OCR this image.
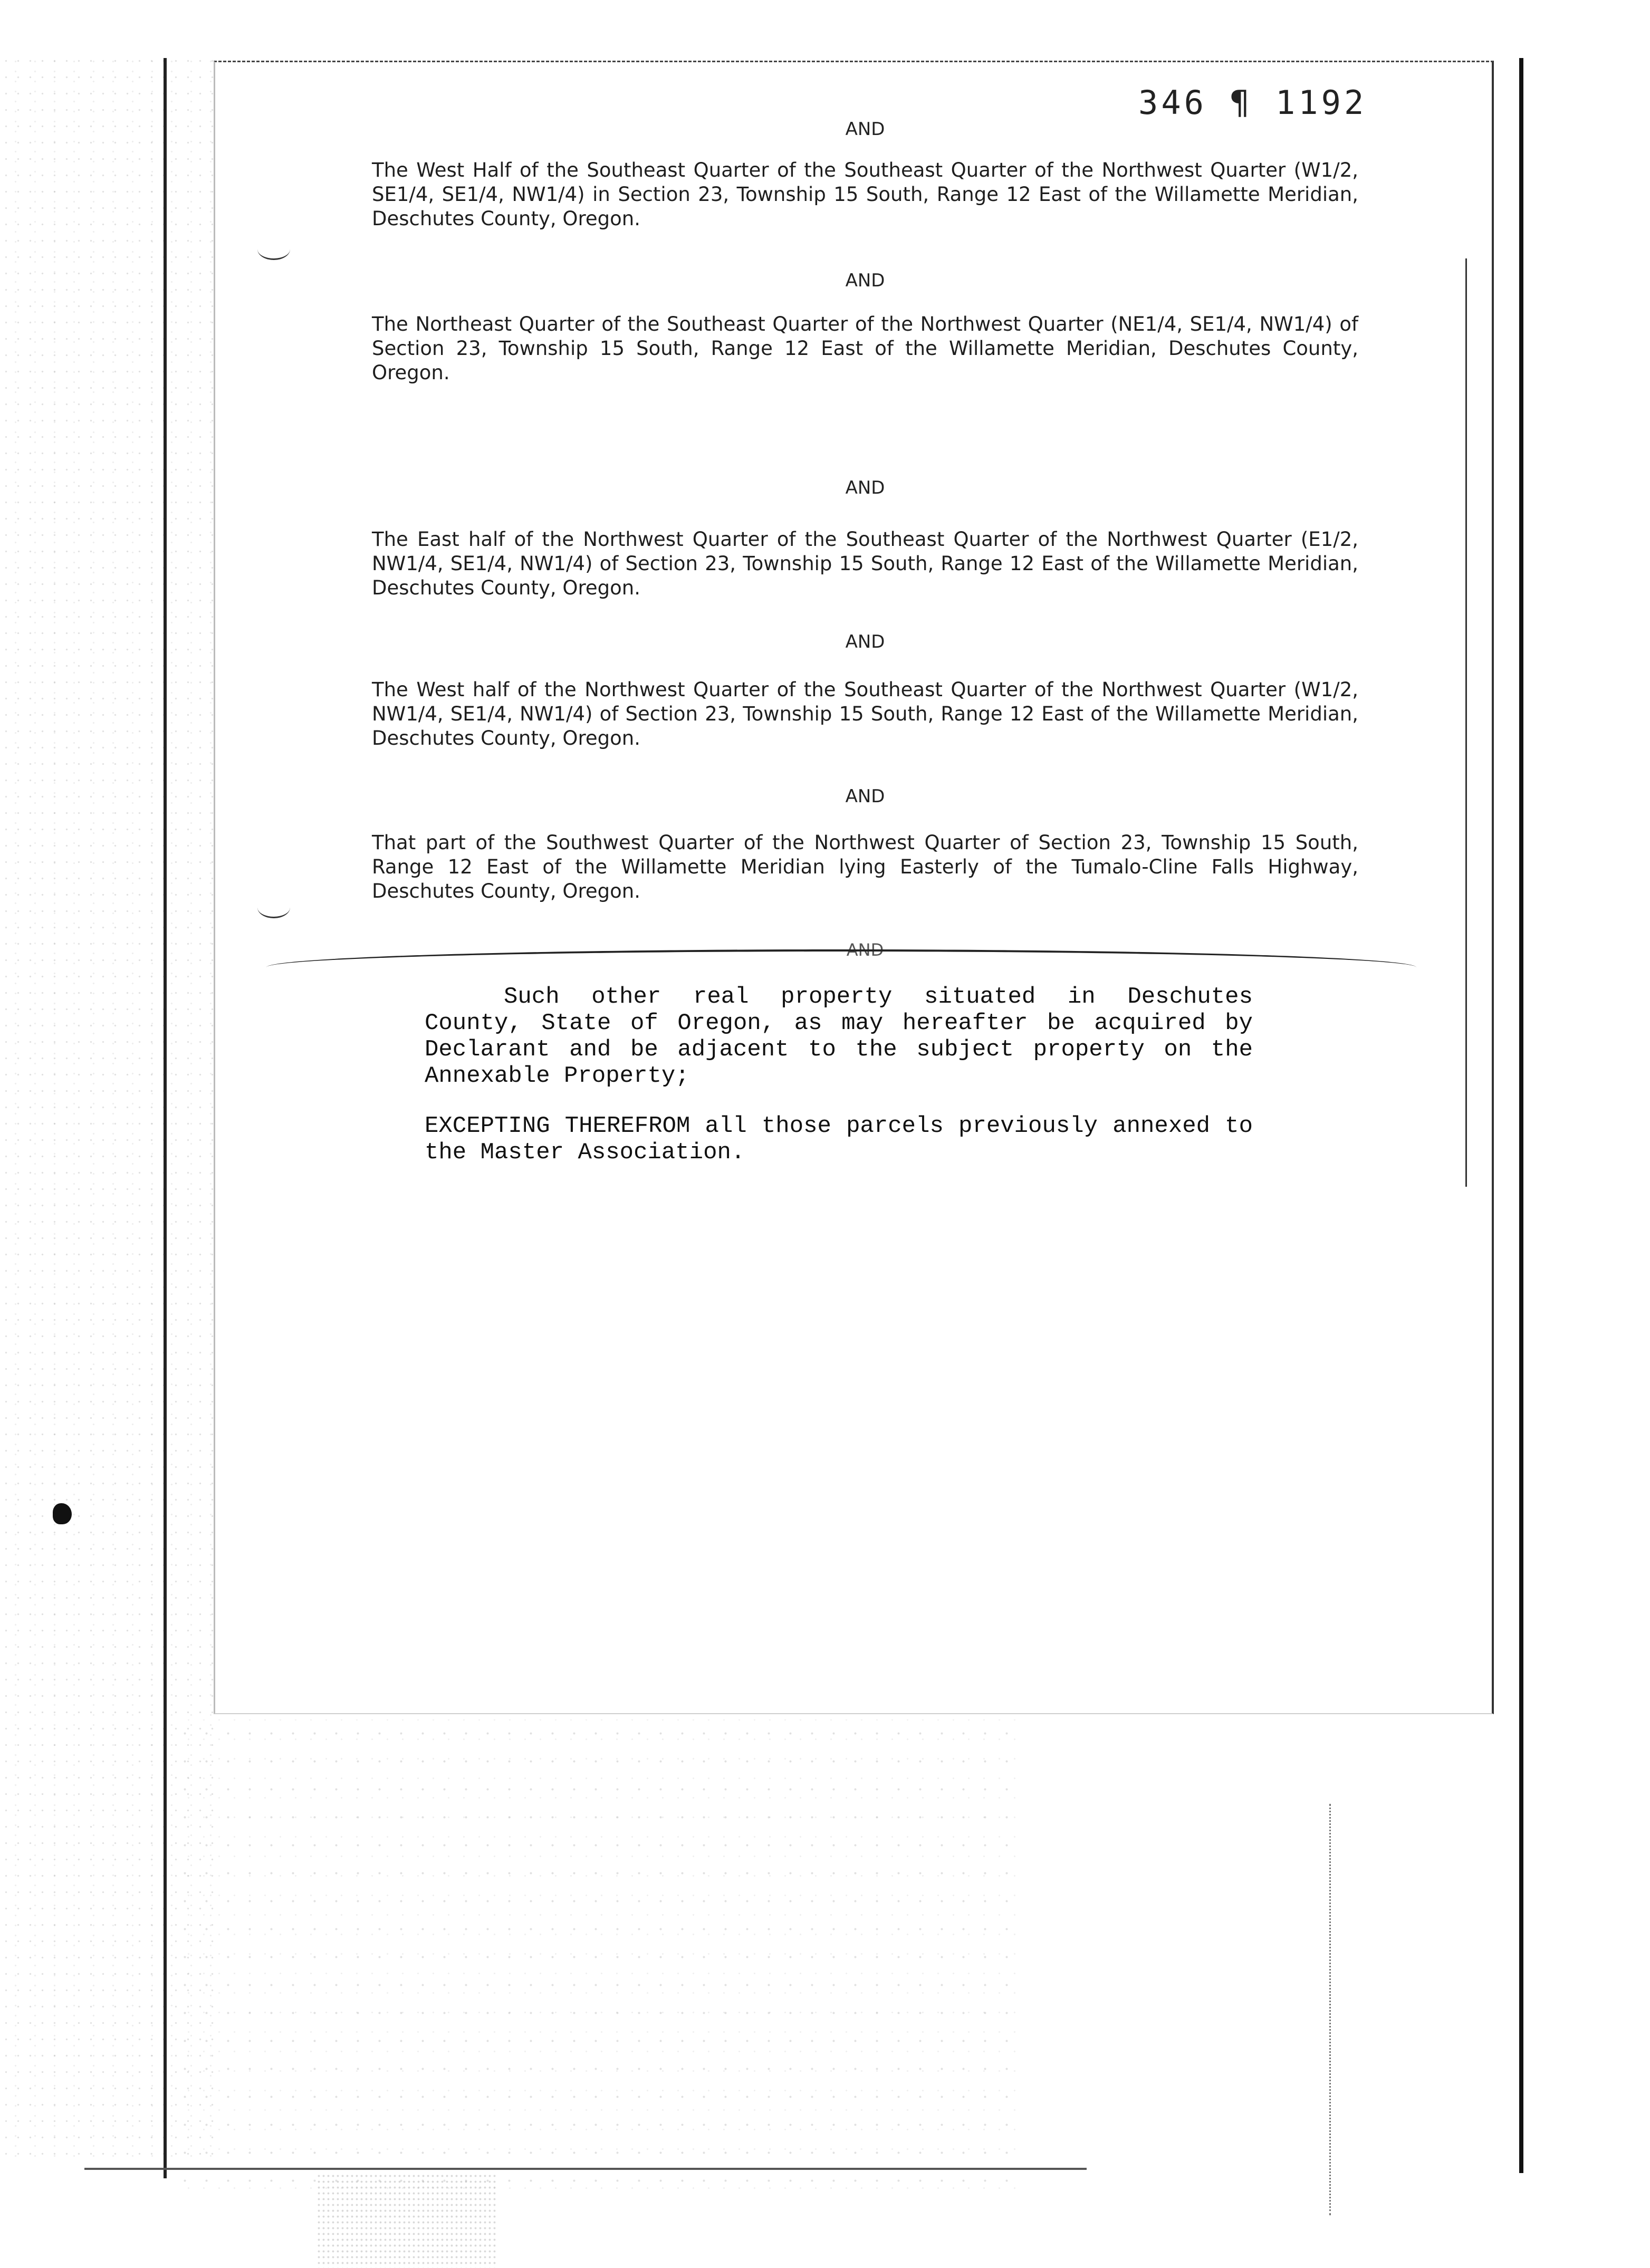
346 ¶ 1192
AND

The West Half of the Southeast Quarter of the Southeast Quarter of the Northwest Quarter (W1/2, SE1/4, SE1/4, NW1/4) in Section 23, Township 15 South, Range 12 East of the Willamette Meridian, Deschutes County, Oregon.

AND

The Northeast Quarter of the Southeast Quarter of the Northwest Quarter (NE1/4, SE1/4, NW1/4) of Section 23, Township 15 South, Range 12 East of the Willamette Meridian, Deschutes County, Oregon.

AND

The East half of the Northwest Quarter of the Southeast Quarter of the Northwest Quarter (E1/2, NW1/4, SE1/4, NW1/4) of Section 23, Township 15 South, Range 12 East of the Willamette Meridian, Deschutes County, Oregon.

AND

The West half of the Northwest Quarter of the Southeast Quarter of the Northwest Quarter (W1/2, NW1/4, SE1/4, NW1/4) of Section 23, Township 15 South, Range 12 East of the Willamette Meridian, Deschutes County, Oregon.

AND

That part of the Southwest Quarter of the Northwest Quarter of Section 23, Township 15 South, Range 12 East of the Willamette Meridian lying Easterly of the Tumalo-Cline Falls Highway, Deschutes County, Oregon.

AND

Such other real property situated in Deschutes County, State of Oregon, as may hereafter be acquired by Declarant and be adjacent to the subject property on the Annexable Property;

EXCEPTING THEREFROM all those parcels previously annexed to the Master Association.
